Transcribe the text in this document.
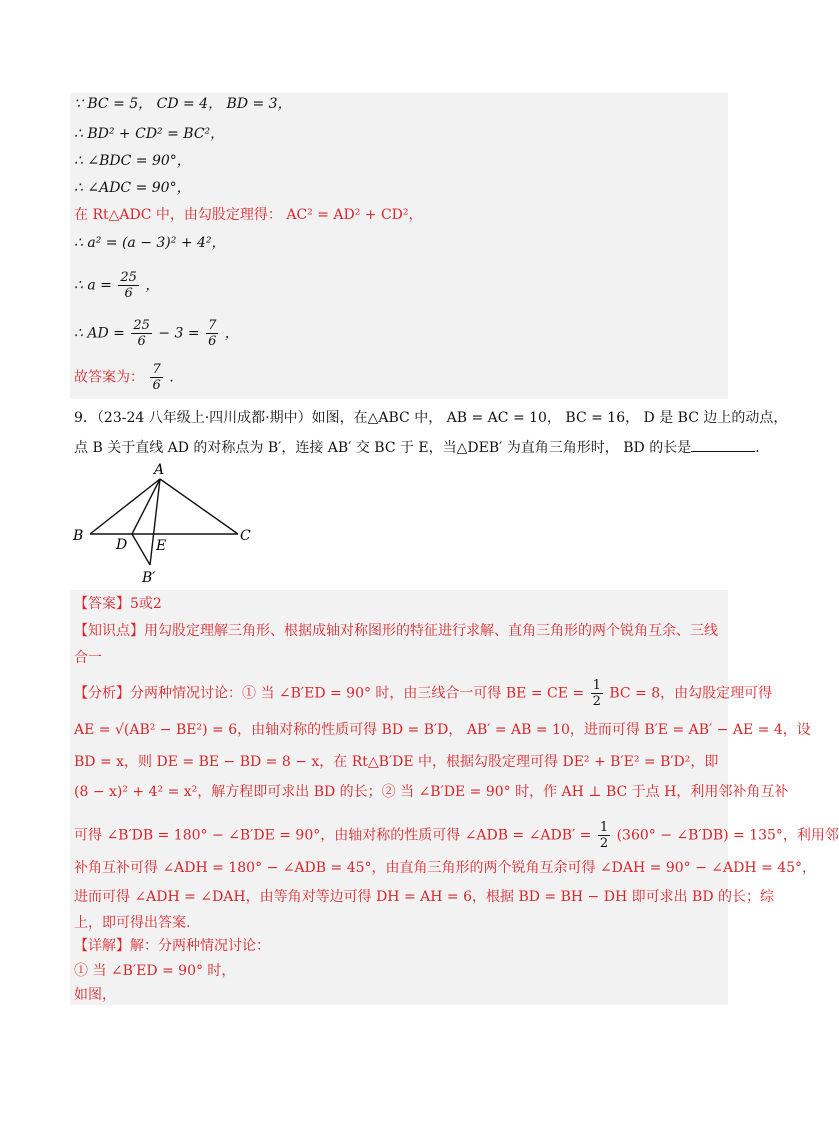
∵ BC = 5， CD = 4， BD = 3，
∴ BD² + CD² = BC²，
∴ ∠BDC = 90°，
∴ ∠ADC = 90°，
在 Rt△ADC 中，由勾股定理得： AC² = AD² + CD²，
∴ a² = (a − 3)² + 4²，
∴ $a = \frac{25}{6}$ ，
∴ AD = $\frac{25}{6} - 3 = \frac{7}{6}$ ，
故答案为： $\frac{7}{6}$ .
9．（23-24 八年级上·四川成都·期中）如图，在△ABC 中， AB = AC = 10， BC = 16， D 是 BC 边上的动点，
点 B 关于直线 AD 的对称点为 B′，连接 AB′ 交 BC 于 E，当△DEB′ 为直角三角形时， BD 的长是	.
A
B	C
D E
B′
【答案】5或2
【知识点】用勾股定理解三角形、根据成轴对称图形的特征进行求解、直角三角形的两个锐角互余、三线
合一
【分析】分两种情况讨论：① 当 ∠B′ED = 90° 时，由三线合一可得 BE = CE = $\frac{1}{2}$ BC = 8，由勾股定理可得
AE = √(AB² − BE²) = 6，由轴对称的性质可得 BD = B′D， AB′ = AB = 10，进而可得 B′E = AB′ − AE = 4，设
BD = x，则 DE = BE − BD = 8 − x，在 Rt△B′DE 中，根据勾股定理可得 DE² + B′E² = B′D²，即
(8 − x)² + 4² = x²，解方程即可求出 BD 的长；② 当 ∠B′DE = 90° 时，作 AH ⊥ BC 于点 H，利用邻补角互补
可得 ∠B′DB = 180° − ∠B′DE = 90°，由轴对称的性质可得 ∠ADB = ∠ADB′ = $\frac{1}{2} (360^\circ$ − ∠B′DB) = 135°，利用邻
补角互补可得 ∠ADH = 180° − ∠ADB = 45°，由直角三角形的两个锐角互余可得 ∠DAH = 90° − ∠ADH = 45°，
进而可得 ∠ADH = ∠DAH，由等角对等边可得 DH = AH = 6，根据 BD = BH − DH 即可求出 BD 的长；综
上，即可得出答案.
【详解】解：分两种情况讨论：
① 当 ∠B′ED = 90° 时，
如图，
